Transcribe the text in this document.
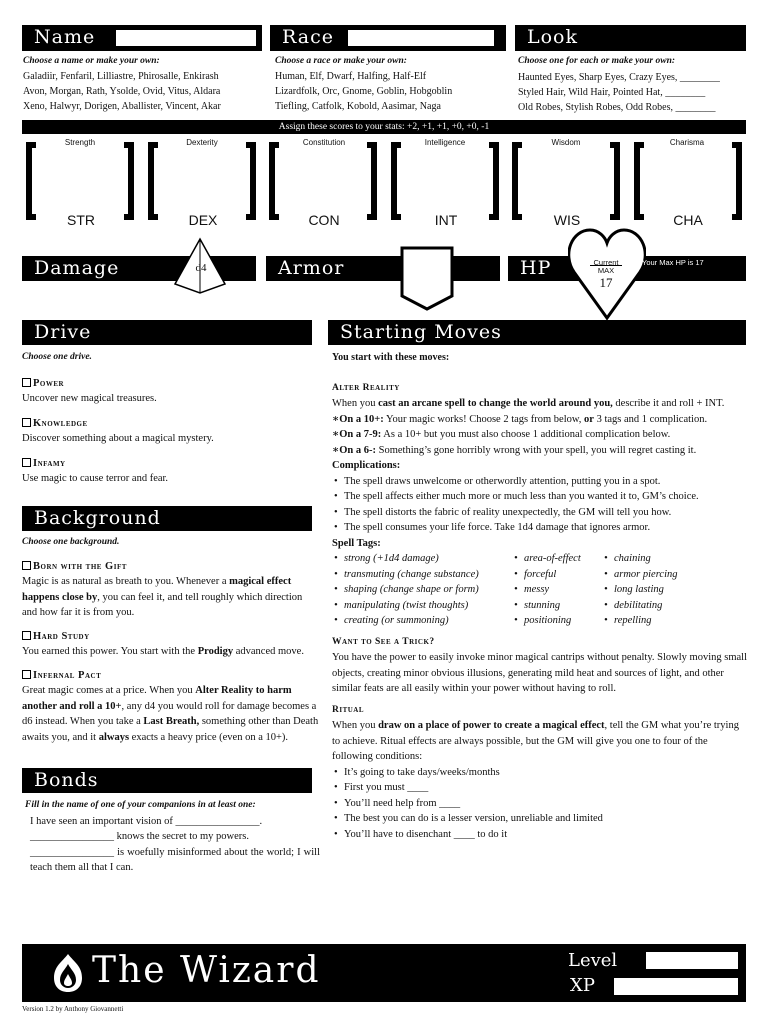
Name	Race	Look
Choose a name or make your own:	Choose a race or make your own:	Choose one for each or make your own:
Galadiir, Fenfaril, Lilliastre, Phirosalle, Enkirash
Avon, Morgan, Rath, Ysolde, Ovid, Vitus, Aldara
Xeno, Halwyr, Dorigen, Aballister, Vincent, Akar
Human, Elf, Dwarf, Halfing, Half-Elf
Lizardfolk, Orc, Gnome, Goblin, Hobgoblin
Tiefling, Catfolk, Kobold, Aasimar, Naga
Haunted Eyes, Sharp Eyes, Crazy Eyes, ________
Styled Hair, Wild Hair, Pointed Hat, ________
Old Robes, Stylish Robes, Odd Robes, ________
Assign these scores to your stats: +2, +1, +1, +0, +0, -1
Strength	Dexterity	Constitution	Intelligence	Wisdom	Charisma
STR	DEX	CON	INT	WIS	CHA
Damage	d4	Armor	HP	Current
MAX
17
Your Max HP is 17
Drive

Choose one drive.

Power

Uncover new magical treasures.

Knowledge

Discover something about a magical mystery.

Infamy

Use magic to cause terror and fear.

Background

Choose one background.

Born with the Gift

Magic is as natural as breath to you. Whenever a magical effect happens close by, you can feel it, and tell roughly which direction and how far it is from you.

Hard Study

You earned this power. You start with the Prodigy advanced move.

Infernal Pact

Great magic comes at a price. When you Alter Reality to harm another and roll a 10+, any d4 you would roll for damage becomes a d6 instead. When you take a Last Breath, something other than Death awaits you, and it always exacts a heavy price (even on a 10+).

Bonds

Fill in the name of one of your companions in at least one:

I have seen an important vision of ________________.

________________ knows the secret to my powers.

________________ is woefully misinformed about the world; I will teach them all that I can.

Starting Moves

You start with these moves:

Alter Reality

When you cast an arcane spell to change the world around you, describe it and roll + INT.

∗On a 10+: Your magic works! Choose 2 tags from below, or 3 tags and 1 complication.

∗On a 7-9: As a 10+ but you must also choose 1 additional complication below.

∗On a 6-: Something’s gone horribly wrong with your spell, you will regret casting it.

Complications:

• The spell draws unwelcome or otherwordly attention, putting you in a spot.
• The spell affects either much more or much less than you wanted it to, GM’s choice.
• The spell distorts the fabric of reality unexpectedly, the GM will tell you how.
• The spell consumes your life force. Take 1d4 damage that ignores armor.

Spell Tags:

• strong (+1d4 damage)
• transmuting (change substance)
• shaping (change shape or form)
• manipulating (twist thoughts)
• creating (or summoning)
• area-of-effect
• forceful
• messy
• stunning
• positioning
• chaining
• armor piercing
• long lasting
• debilitating
• repelling

Want to See a Trick?

You have the power to easily invoke minor magical cantrips without penalty. Slowly moving small objects, creating minor obvious illusions, generating mild heat and sources of light, and other similar feats are all easily within your power without having to roll.

Ritual

When you draw on a place of power to create a magical effect, tell the GM what you’re trying to achieve. Ritual effects are always possible, but the GM will give you one to four of the following conditions:

• It’s going to take days/weeks/months
• First you must ____
• You’ll need help from ____
• The best you can do is a lesser version, unreliable and limited
• You’ll have to disenchant ____ to do it
The Wizard	Level
XP
Version 1.2 by Anthony Giovannetti
